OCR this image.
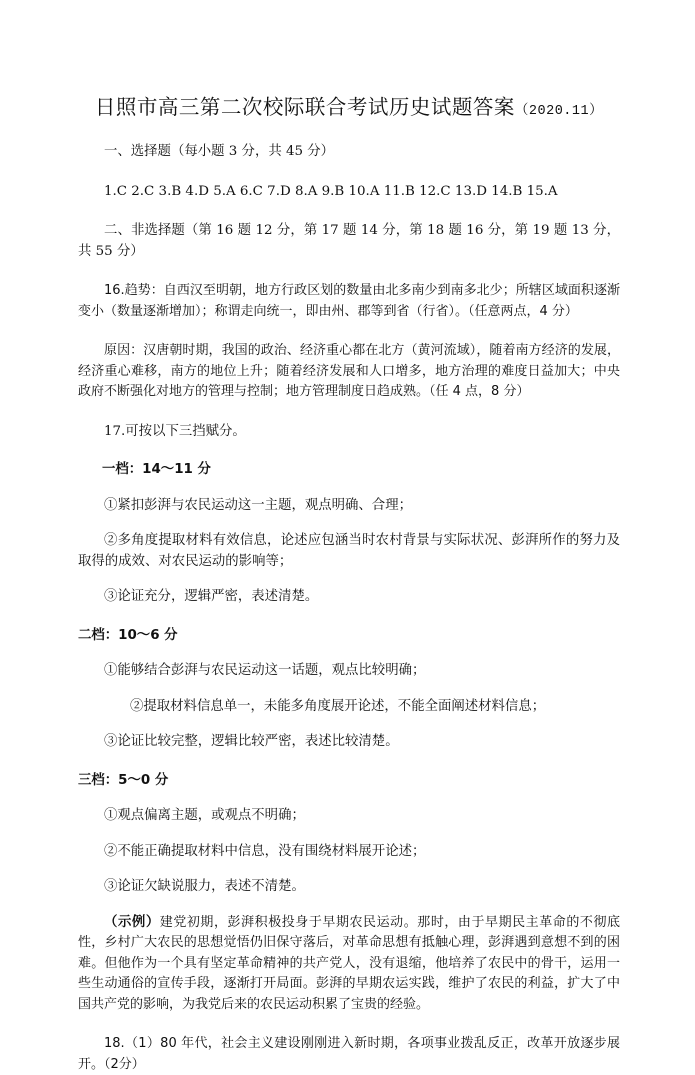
日照市高三第二次校际联合考试历史试题答案（2020.11）

一、选择题（每小题 3 分，共 45 分）

1.C 2.C 3.B 4.D 5.A 6.C 7.D 8.A 9.B 10.A 11.B 12.C 13.D 14.B 15.A

二、非选择题（第 16 题 12 分，第 17 题 14 分，第 18 题 16 分，第 19 题 13 分，共 55 分）

16.趋势：自西汉至明朝，地方行政区划的数量由北多南少到南多北少；所辖区域面积逐渐变小（数量逐渐增加）；称谓走向统一，即由州、郡等到省（行省）。（任意两点，4 分）

原因：汉唐朝时期，我国的政治、经济重心都在北方（黄河流域），随着南方经济的发展，经济重心难移，南方的地位上升；随着经济发展和人口增多，地方治理的难度日益加大；中央政府不断强化对地方的管理与控制；地方管理制度日趋成熟。（任 4 点，8 分）

17.可按以下三挡赋分。

一档：14～11 分

①紧扣彭湃与农民运动这一主题，观点明确、合理；

②多角度提取材料有效信息，论述应包涵当时农村背景与实际状况、彭湃所作的努力及取得的成效、对农民运动的影响等；

③论证充分，逻辑严密，表述清楚。

二档：10～6 分

①能够结合彭湃与农民运动这一话题，观点比较明确；

②提取材料信息单一，未能多角度展开论述，不能全面阐述材料信息；

③论证比较完整，逻辑比较严密，表述比较清楚。

三档：5～0 分

①观点偏离主题，或观点不明确；

②不能正确提取材料中信息，没有围绕材料展开论述；

③论证欠缺说服力，表述不清楚。

（示例）建党初期，彭湃积极投身于早期农民运动。那时，由于早期民主革命的不彻底性，乡村广大农民的思想觉悟仍旧保守落后，对革命思想有抵触心理，彭湃遇到意想不到的困难。但他作为一个具有坚定革命精神的共产党人，没有退缩，他培养了农民中的骨干，运用一些生动通俗的宣传手段，逐渐打开局面。彭湃的早期农运实践，维护了农民的利益，扩大了中国共产党的影响，为我党后来的农民运动积累了宝贵的经验。

18.（1）80 年代，社会主义建设刚刚进入新时期，各项事业拨乱反正，改革开放逐步展开。（2分）
